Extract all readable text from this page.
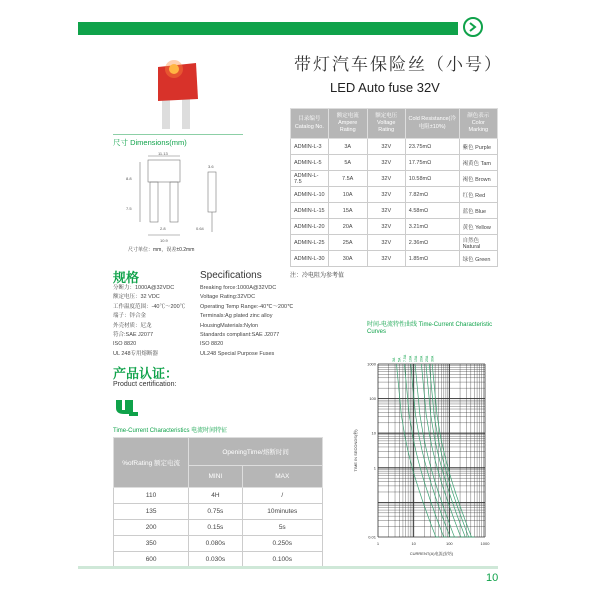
带灯汽车保险丝（小号）
LED Auto fuse 32V
目录编号 Catalog No.	额定电流 Ampere Rating	额定电压 Voltage Rating	Cold Resistance(冷电阻±10%)	颜色表示 Color Marking
ADMIN-L-3	3A	32V	23.75mΩ	紫色 Purple
ADMIN-L-5	5A	32V	17.75mΩ	褐黄色 Tam
ADMIN-L-7.5	7.5A	32V	10.58mΩ	褐色 Brown
ADMIN-L-10	10A	32V	7.82mΩ	红色 Red
ADMIN-L-15	15A	32V	4.58mΩ	蓝色 Blue
ADMIN-L-20	20A	32V	3.21mΩ	黄色 Yellow
ADMIN-L-25	25A	32V	2.36mΩ	自然色Natural
ADMIN-L-30	30A	32V	1.85mΩ	绿色 Green
注：冷电阻为参考值
尺寸 Dimensions(mm)
11.13
8.8
7.5
2.8
10.9
3.6
0.64
尺寸单位：mm，误差±0.2mm
规格	Specifications
分断力：1000A@32VDC
额定电压：32 VDC
工作温度范围：-40℃～200℃
端子：锌合金
外壳材质：尼龙
符合:SAE J2077
ISO 8820
UL 248专用熔断器
Breaking force:1000A@32VDC
Voltage Rating:32VDC
Operating Temp Range:-40℃～200℃
Terminals:Ag plated zinc alloy
HousingMaterials:Nylon
Standards compliant:SAE J2077
ISO 8820
UL248 Special Purpose Fuses
产品认证：
Product certification:
Time-Current Characteristics 电流时间特征
%ofRating 额定电流	OpeningTime/熔断时间	
	MINI	MAX
110	4H	/
135	0.75s	10minutes
200	0.15s	5s
350	0.080s	0.250s
600	0.030s	0.100s
时间-电流特性曲线 Time-Current Characteristic Curves
3A 5A 7.5A 10A 15A 20A 25A 30A
1	10	100	1000
0.01
1
10
100
1000
CURRENT(A)电流(安培)
TIME IN SECONDS(秒)
10
